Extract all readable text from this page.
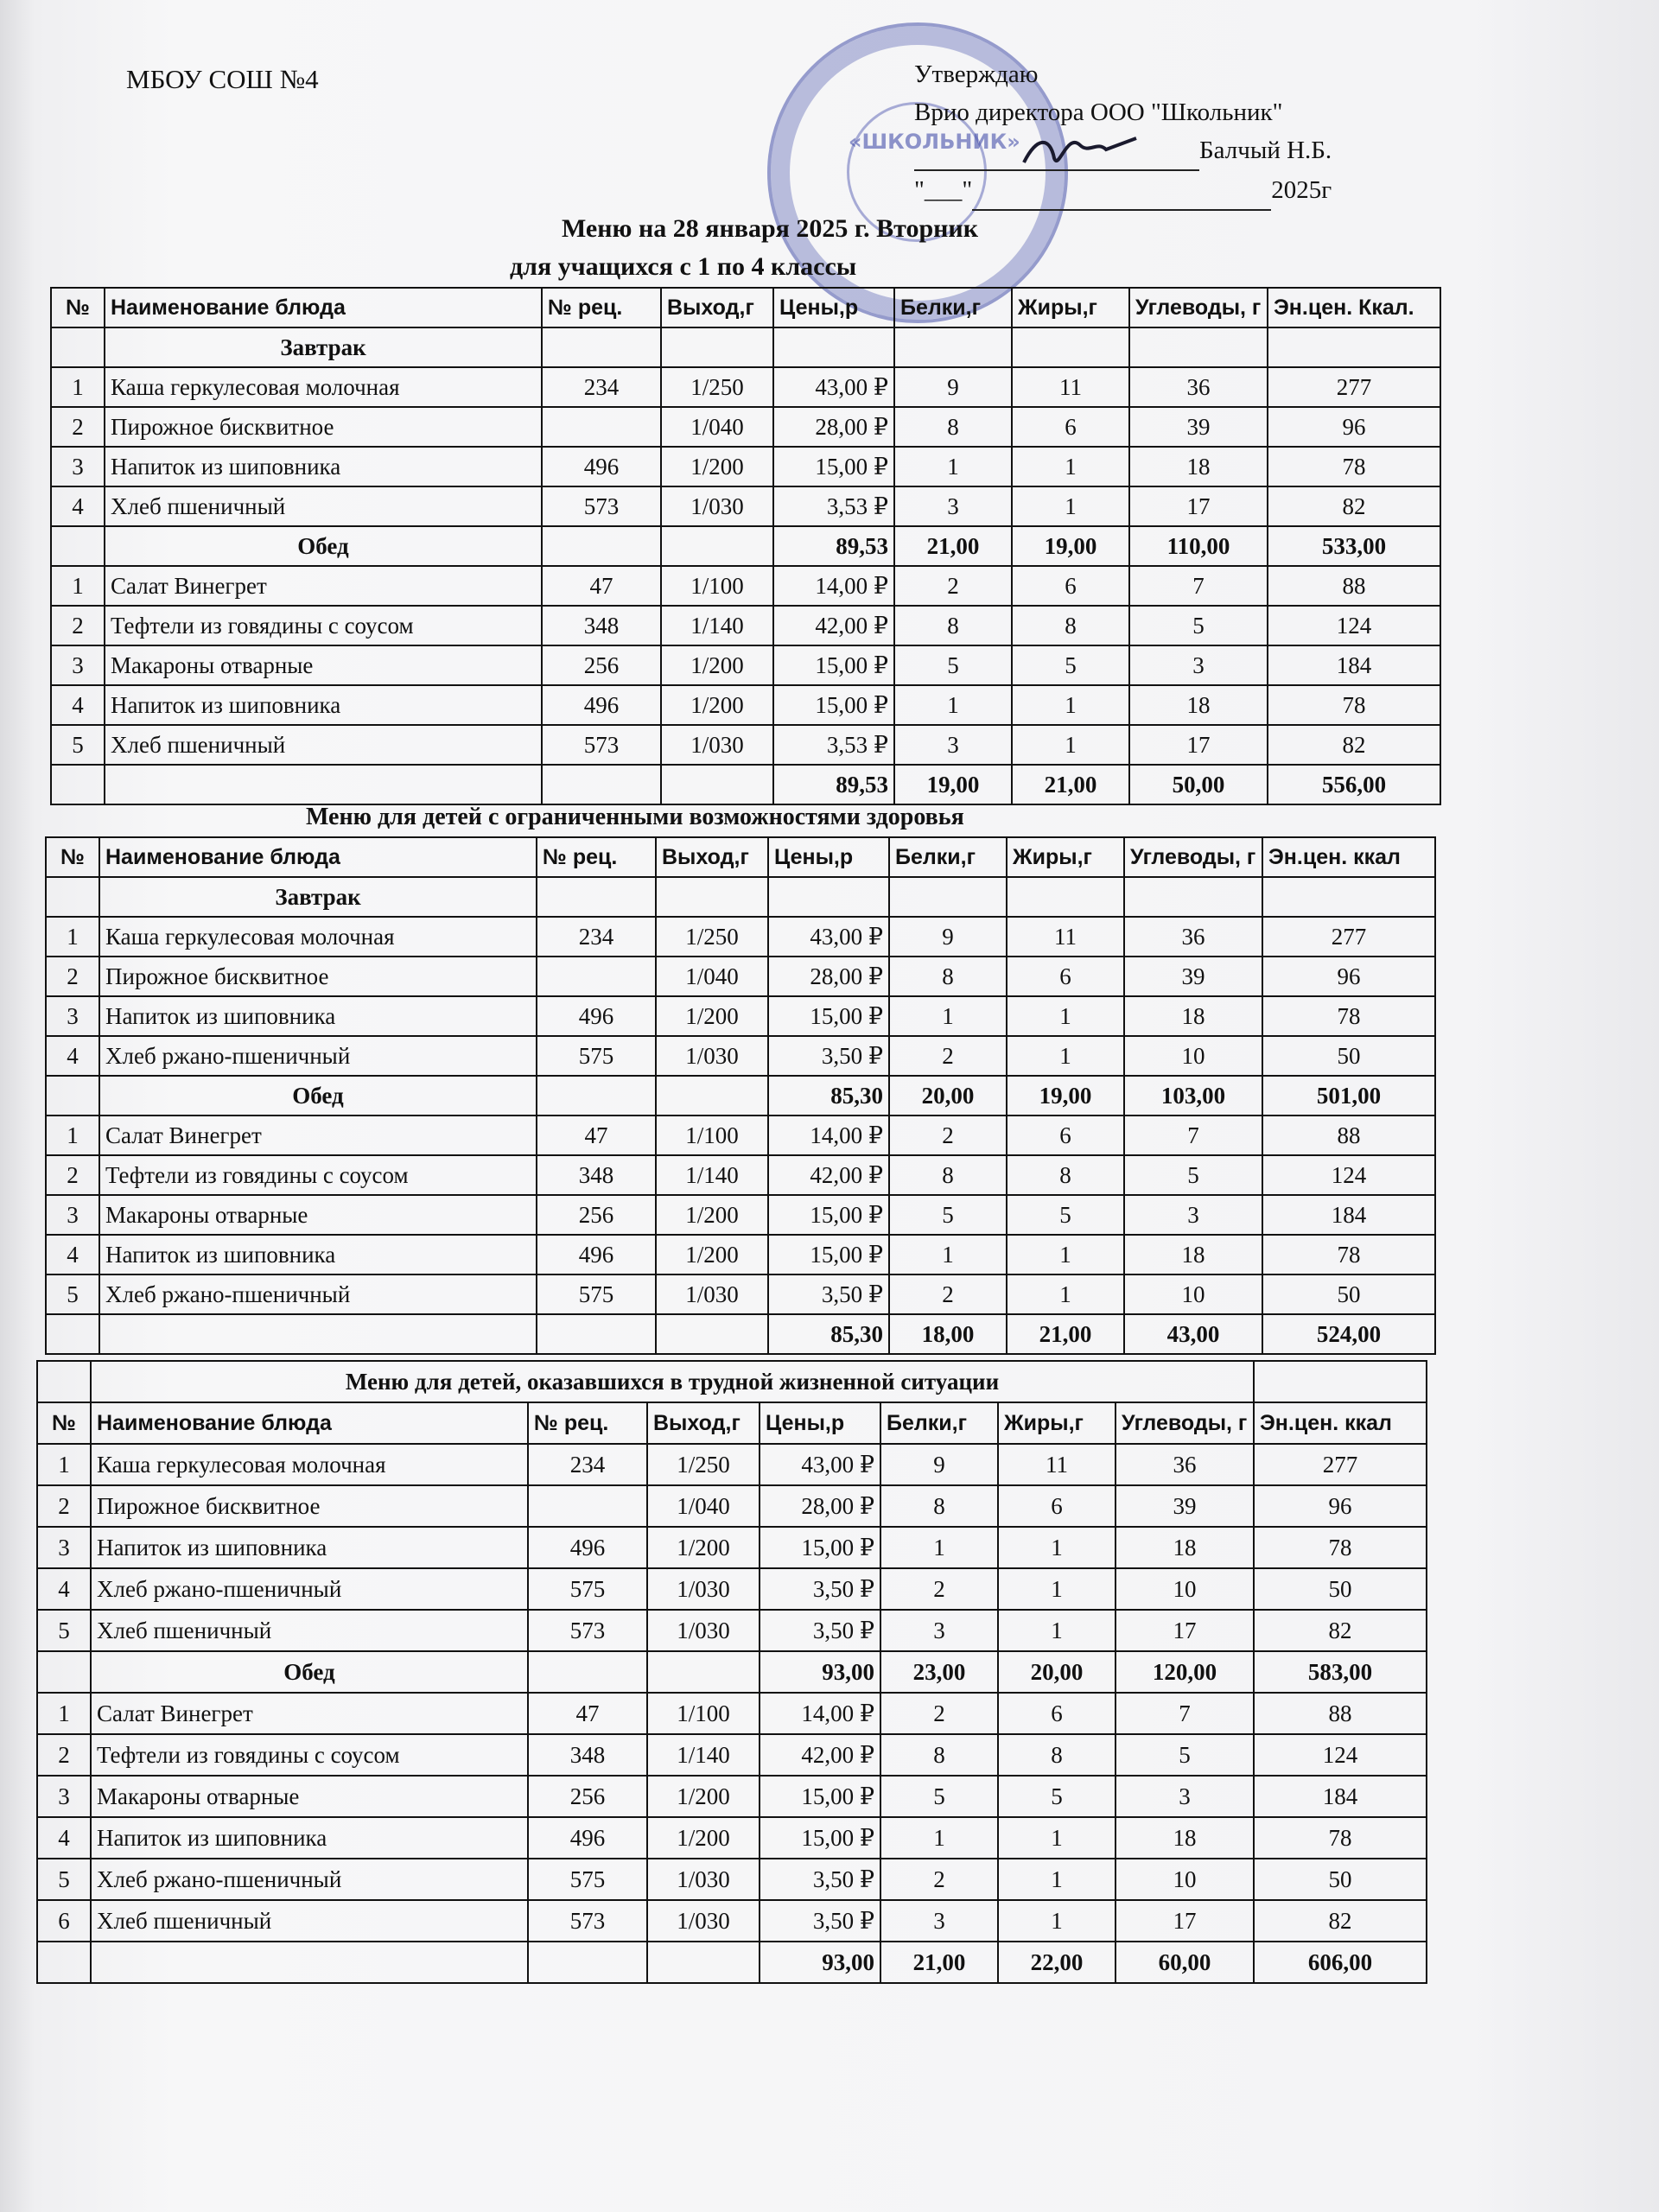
МБОУ СОШ №4
«ШКОЛЬНИК»
Утверждаю
Врио директора ООО "Школьник"
Балчый Н.Б.
"___"	2025г
Меню на 28 января 2025 г. Вторник
для учащихся с 1 по 4 классы
№	Наименование блюда	№ рец.	Выход,г	Цены,р	Белки,г	Жиры,г	Углеводы, г	Эн.цен. Ккал.
	Завтрак							
1	Каша геркулесовая молочная	234	1/250	43,00 ₽	9	11	36	277
2	Пирожное бисквитное		1/040	28,00 ₽	8	6	39	96
3	Напиток из шиповника	496	1/200	15,00 ₽	1	1	18	78
4	Хлеб пшеничный	573	1/030	3,53 ₽	3	1	17	82
	Обед			89,53	21,00	19,00	110,00	533,00
1	Салат Винегрет	47	1/100	14,00 ₽	2	6	7	88
2	Тефтели из говядины с соусом	348	1/140	42,00 ₽	8	8	5	124
3	Макароны отварные	256	1/200	15,00 ₽	5	5	3	184
4	Напиток из шиповника	496	1/200	15,00 ₽	1	1	18	78
5	Хлеб пшеничный	573	1/030	3,53 ₽	3	1	17	82
				89,53	19,00	21,00	50,00	556,00
Меню для детей с ограниченными возможностями здоровья
№	Наименование блюда	№ рец.	Выход,г	Цены,р	Белки,г	Жиры,г	Углеводы, г	Эн.цен. ккал
	Завтрак							
1	Каша геркулесовая молочная	234	1/250	43,00 ₽	9	11	36	277
2	Пирожное бисквитное		1/040	28,00 ₽	8	6	39	96
3	Напиток из шиповника	496	1/200	15,00 ₽	1	1	18	78
4	Хлеб ржано-пшеничный	575	1/030	3,50 ₽	2	1	10	50
	Обед			85,30	20,00	19,00	103,00	501,00
1	Салат Винегрет	47	1/100	14,00 ₽	2	6	7	88
2	Тефтели из говядины с соусом	348	1/140	42,00 ₽	8	8	5	124
3	Макароны отварные	256	1/200	15,00 ₽	5	5	3	184
4	Напиток из шиповника	496	1/200	15,00 ₽	1	1	18	78
5	Хлеб ржано-пшеничный	575	1/030	3,50 ₽	2	1	10	50
				85,30	18,00	21,00	43,00	524,00
	Меню для детей, оказавшихся в трудной жизненной ситуации							
№	Наименование блюда	№ рец.	Выход,г	Цены,р	Белки,г	Жиры,г	Углеводы, г	Эн.цен. ккал
1	Каша геркулесовая молочная	234	1/250	43,00 ₽	9	11	36	277
2	Пирожное бисквитное		1/040	28,00 ₽	8	6	39	96
3	Напиток из шиповника	496	1/200	15,00 ₽	1	1	18	78
4	Хлеб ржано-пшеничный	575	1/030	3,50 ₽	2	1	10	50
5	Хлеб пшеничный	573	1/030	3,50 ₽	3	1	17	82
	Обед			93,00	23,00	20,00	120,00	583,00
1	Салат Винегрет	47	1/100	14,00 ₽	2	6	7	88
2	Тефтели из говядины с соусом	348	1/140	42,00 ₽	8	8	5	124
3	Макароны отварные	256	1/200	15,00 ₽	5	5	3	184
4	Напиток из шиповника	496	1/200	15,00 ₽	1	1	18	78
5	Хлеб ржано-пшеничный	575	1/030	3,50 ₽	2	1	10	50
6	Хлеб пшеничный	573	1/030	3,50 ₽	3	1	17	82
				93,00	21,00	22,00	60,00	606,00
